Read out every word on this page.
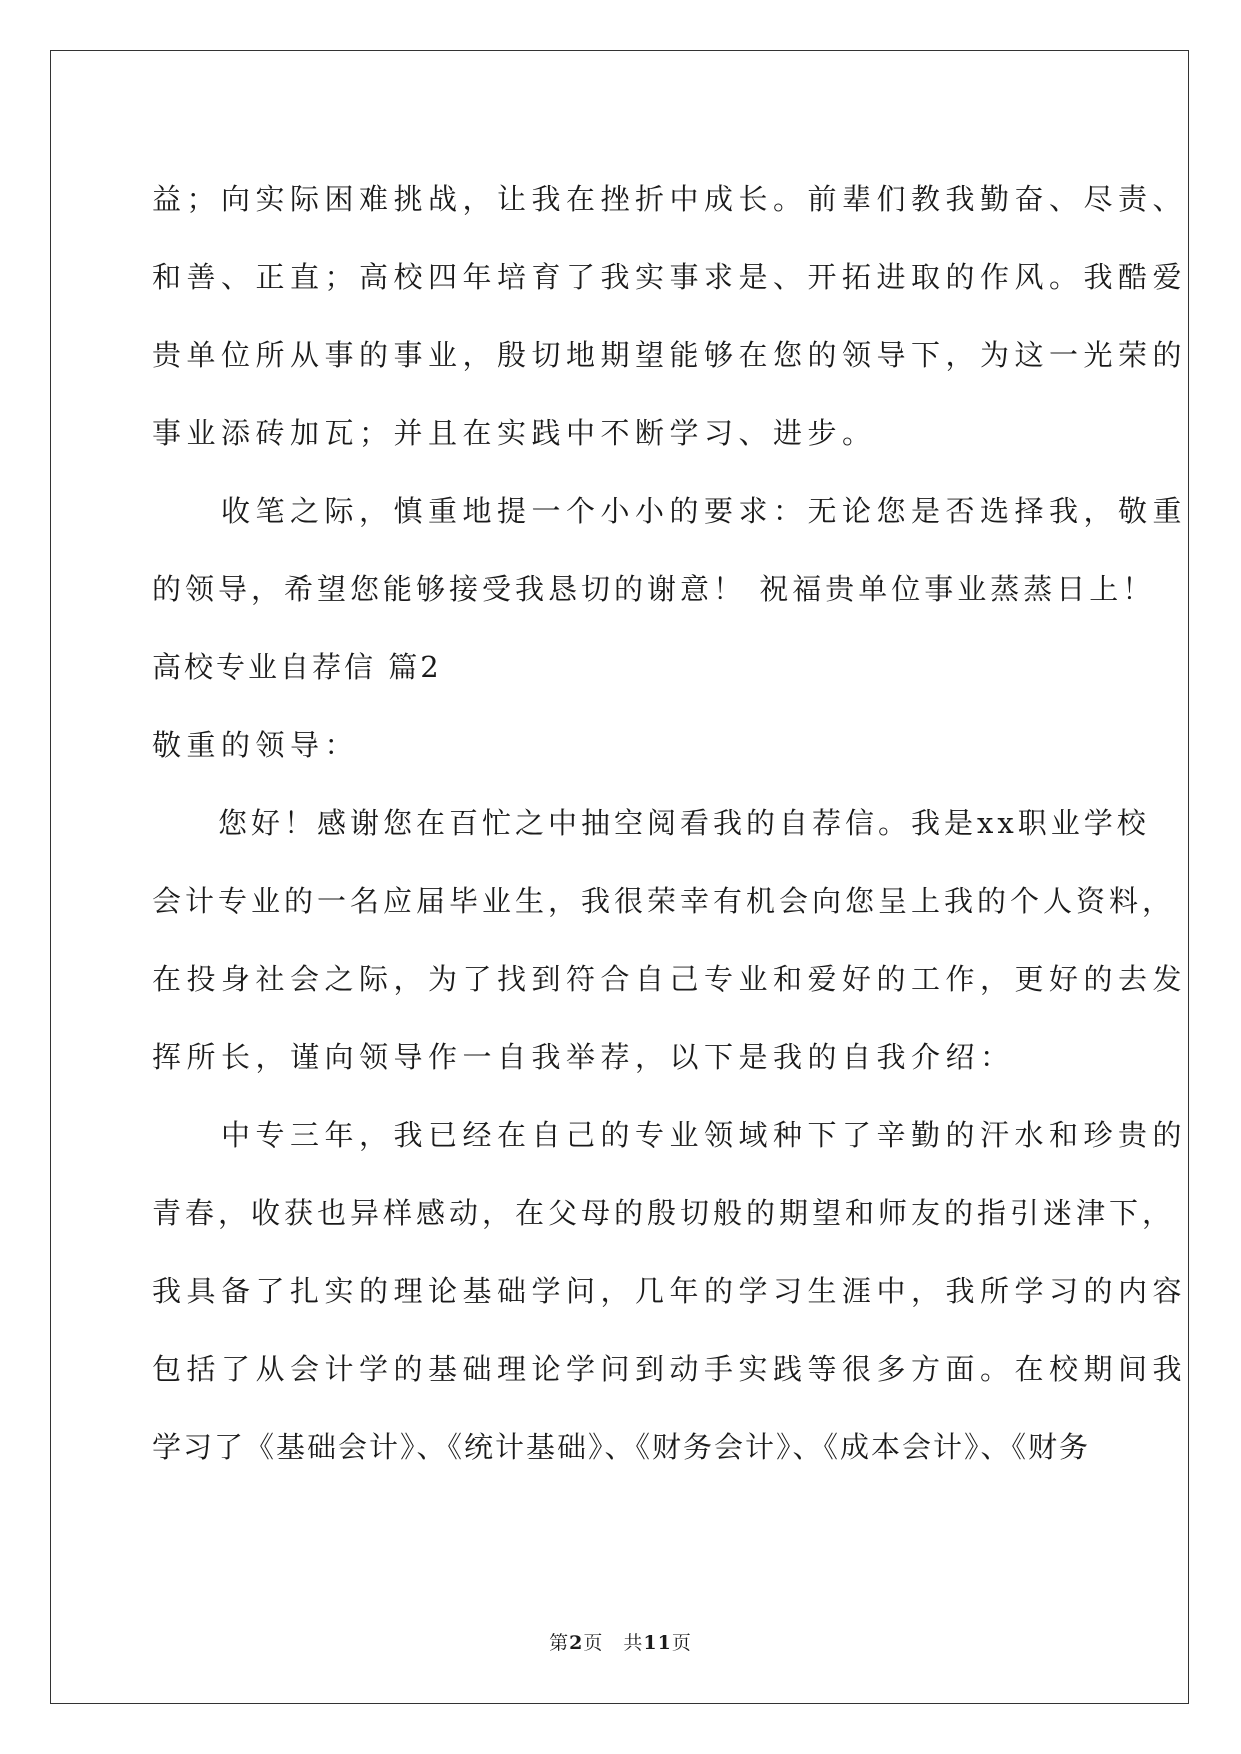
益；向实际困难挑战，让我在挫折中成长。前辈们教我勤奋、尽责、
和善、正直；高校四年培育了我实事求是、开拓进取的作风。我酷爱
贵单位所从事的事业，殷切地期望能够在您的领导下，为这一光荣的
事业添砖加瓦；并且在实践中不断学习、进步。
　　收笔之际，慎重地提一个小小的要求：无论您是否选择我，敬重
的领导，希望您能够接受我恳切的谢意！ 祝福贵单位事业蒸蒸日上！
高校专业自荐信 篇2
敬重的领导：
　　您好！感谢您在百忙之中抽空阅看我的自荐信。我是xx职业学校
会计专业的一名应届毕业生，我很荣幸有机会向您呈上我的个人资料，
在投身社会之际，为了找到符合自己专业和爱好的工作，更好的去发
挥所长，谨向领导作一自我举荐，以下是我的自我介绍：
　　中专三年，我已经在自己的专业领域种下了辛勤的汗水和珍贵的
青春，收获也异样感动，在父母的殷切般的期望和师友的指引迷津下，
我具备了扎实的理论基础学问，几年的学习生涯中，我所学习的内容
包括了从会计学的基础理论学问到动手实践等很多方面。在校期间我
学习了《基础会计》、《统计基础》、《财务会计》、《成本会计》、《财务
第2页 共11页
